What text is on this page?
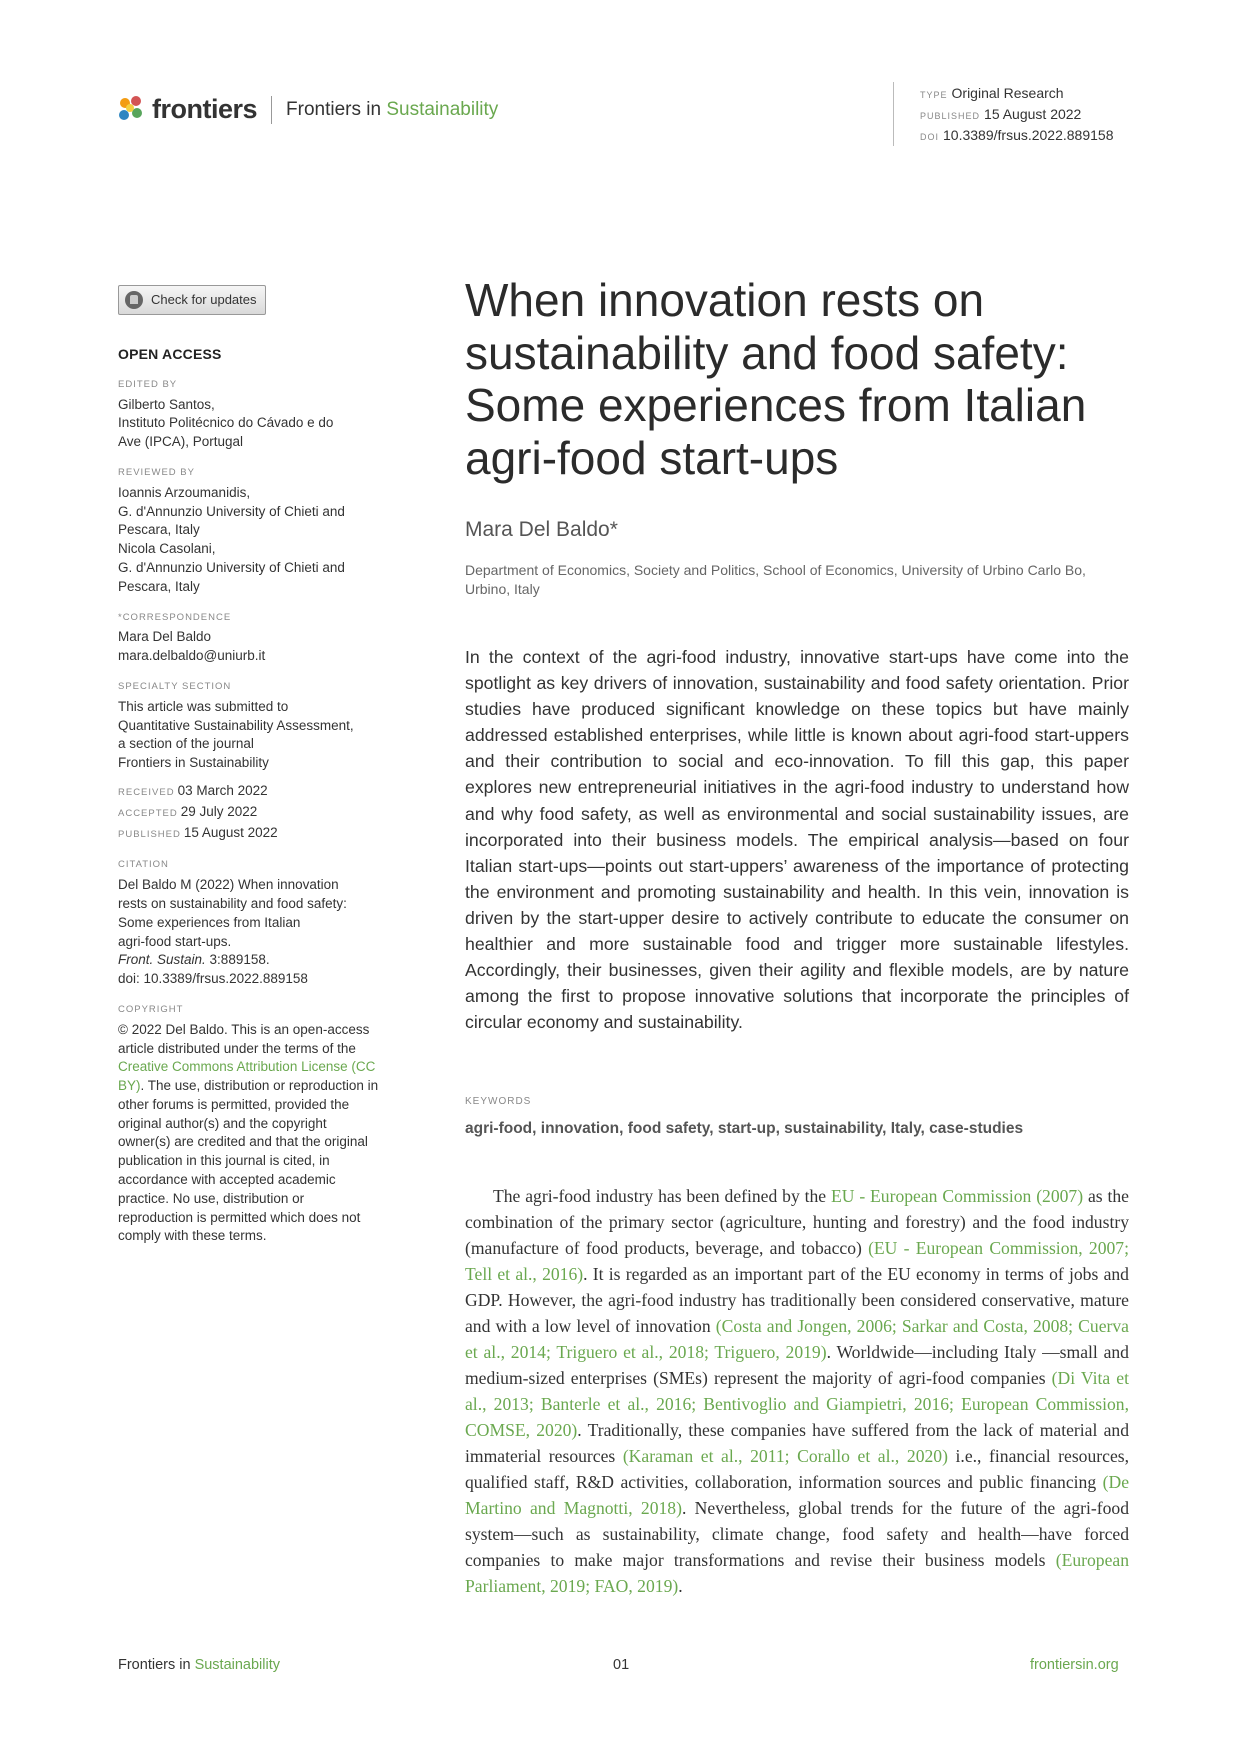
frontiers Frontiers in Sustainability
TYPE Original Research
PUBLISHED 15 August 2022
DOI 10.3389/frsus.2022.889158
Check for updates
OPEN ACCESS
EDITED BY
Gilberto Santos,
Instituto Politécnico do Cávado e do
Ave (IPCA), Portugal
REVIEWED BY
Ioannis Arzoumanidis,
G. d'Annunzio University of Chieti and
Pescara, Italy
Nicola Casolani,
G. d'Annunzio University of Chieti and
Pescara, Italy
*CORRESPONDENCE
Mara Del Baldo
mara.delbaldo@uniurb.it
SPECIALTY SECTION
This article was submitted to
Quantitative Sustainability Assessment,
a section of the journal
Frontiers in Sustainability
RECEIVED 03 March 2022
ACCEPTED 29 July 2022
PUBLISHED 15 August 2022
CITATION
Del Baldo M (2022) When innovation
rests on sustainability and food safety:
Some experiences from Italian
agri-food start-ups.
Front. Sustain. 3:889158.
doi: 10.3389/frsus.2022.889158
COPYRIGHT
© 2022 Del Baldo. This is an open-access article distributed under the terms of the Creative Commons Attribution License (CC BY). The use, distribution or reproduction in other forums is permitted, provided the original author(s) and the copyright owner(s) are credited and that the original publication in this journal is cited, in accordance with accepted academic practice. No use, distribution or reproduction is permitted which does not comply with these terms.
When innovation rests on sustainability and food safety: Some experiences from Italian agri-food start-ups
Mara Del Baldo*
Department of Economics, Society and Politics, School of Economics, University of Urbino Carlo Bo, Urbino, Italy
In the context of the agri-food industry, innovative start-ups have come into the spotlight as key drivers of innovation, sustainability and food safety orientation. Prior studies have produced significant knowledge on these topics but have mainly addressed established enterprises, while little is known about agri-food start-uppers and their contribution to social and eco-innovation. To fill this gap, this paper explores new entrepreneurial initiatives in the agri-food industry to understand how and why food safety, as well as environmental and social sustainability issues, are incorporated into their business models. The empirical analysis—based on four Italian start-ups—points out start-uppers’ awareness of the importance of protecting the environment and promoting sustainability and health. In this vein, innovation is driven by the start-upper desire to actively contribute to educate the consumer on healthier and more sustainable food and trigger more sustainable lifestyles. Accordingly, their businesses, given their agility and flexible models, are by nature among the first to propose innovative solutions that incorporate the principles of circular economy and sustainability.
KEYWORDS
agri-food, innovation, food safety, start-up, sustainability, Italy, case-studies
The agri-food industry has been defined by the EU - European Commission (2007) as the combination of the primary sector (agriculture, hunting and forestry) and the food industry (manufacture of food products, beverage, and tobacco) (EU - European Commission, 2007; Tell et al., 2016). It is regarded as an important part of the EU economy in terms of jobs and GDP. However, the agri-food industry has traditionally been considered conservative, mature and with a low level of innovation (Costa and Jongen, 2006; Sarkar and Costa, 2008; Cuerva et al., 2014; Triguero et al., 2018; Triguero, 2019). Worldwide—including Italy —small and medium-sized enterprises (SMEs) represent the majority of agri-food companies (Di Vita et al., 2013; Banterle et al., 2016; Bentivoglio and Giampietri, 2016; European Commission, COMSE, 2020). Traditionally, these companies have suffered from the lack of material and immaterial resources (Karaman et al., 2011; Corallo et al., 2020) i.e., financial resources, qualified staff, R&D activities, collaboration, information sources and public financing (De Martino and Magnotti, 2018). Nevertheless, global trends for the future of the agri-food system—such as sustainability, climate change, food safety and health—have forced companies to make major transformations and revise their business models (European Parliament, 2019; FAO, 2019).
Frontiers in Sustainability	01	frontiersin.org
